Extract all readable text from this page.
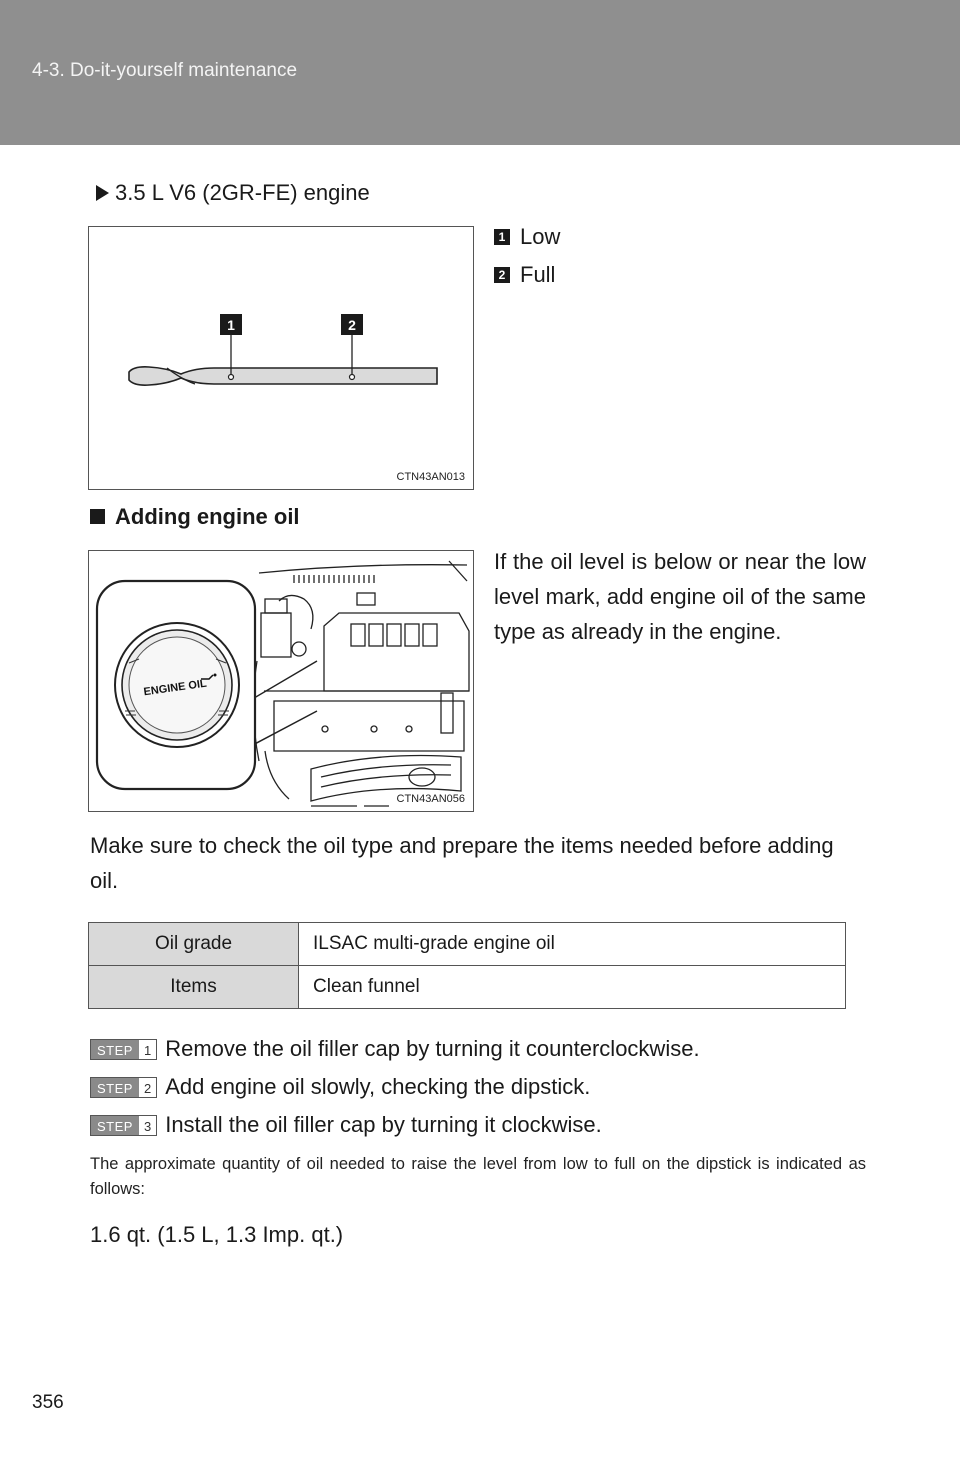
4-3. Do-it-yourself maintenance
3.5 L V6 (2GR-FE) engine
1	2
CTN43AN013
1 Low
2 Full
Adding engine oil
ENGINE OIL
CTN43AN056
If the oil level is below or near the low level mark, add engine oil of the same type as already in the engine.
Make sure to check the oil type and prepare the items needed before adding oil.
Oil grade	ILSAC multi-grade engine oil
Items	Clean funnel
STEP 1 Remove the oil filler cap by turning it counterclockwise.
STEP 2 Add engine oil slowly, checking the dipstick.
STEP 3 Install the oil filler cap by turning it clockwise.
The approximate quantity of oil needed to raise the level from low to full on the dipstick is indicated as follows:
1.6 qt. (1.5 L, 1.3 Imp. qt.)
356
